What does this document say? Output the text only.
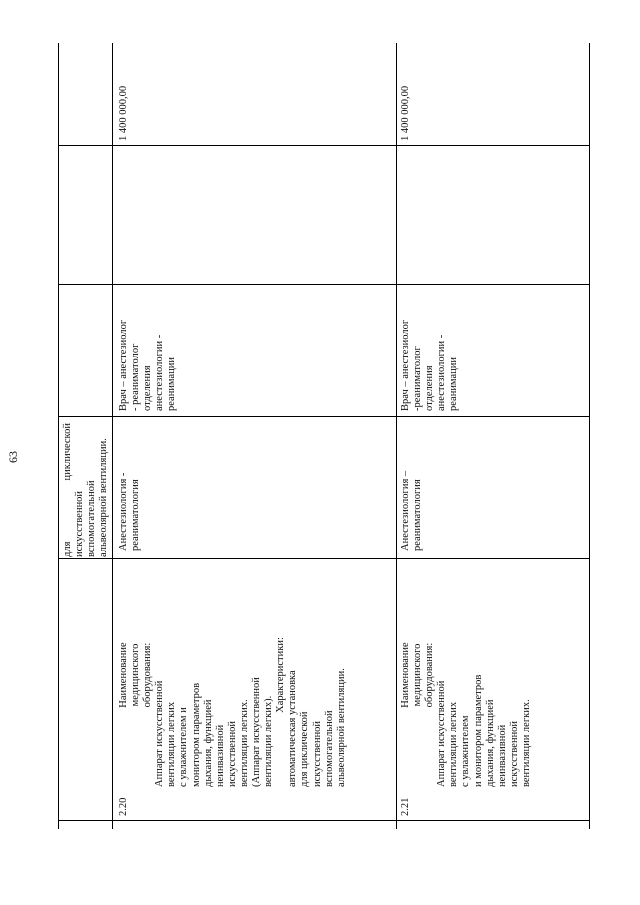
63	для циклической искусственной вспомогательной альвеолярной вентиляции.
1 400 000,00
2.20
Наименование медицинского оборудования:
Аппарат искусственной вентиляции легких с увлажнителем и монитором параметров дыхания, функцией неинвазивной искусственной вентиляции легких. (Аппарат искусственной вентиляции легких).
Характеристики: автоматическая установка для циклической искусственной вспомогательной альвеолярной вентиляции.
Анестезиология - реаниматология
Врач – анестезиолог - реаниматолог отделения анестезиологии - реанимации
2.21
Наименование медицинского оборудования:
Аппарат искусственной вентиляции легких с увлажнителем и монитором параметров дыхания, функцией неинвазивной искусственной вентиляции легких.
Анестезиология – реаниматология
Врач – анестезиолог -реаниматолог отделения анестезиологии - реанимации
1 400 000,00
